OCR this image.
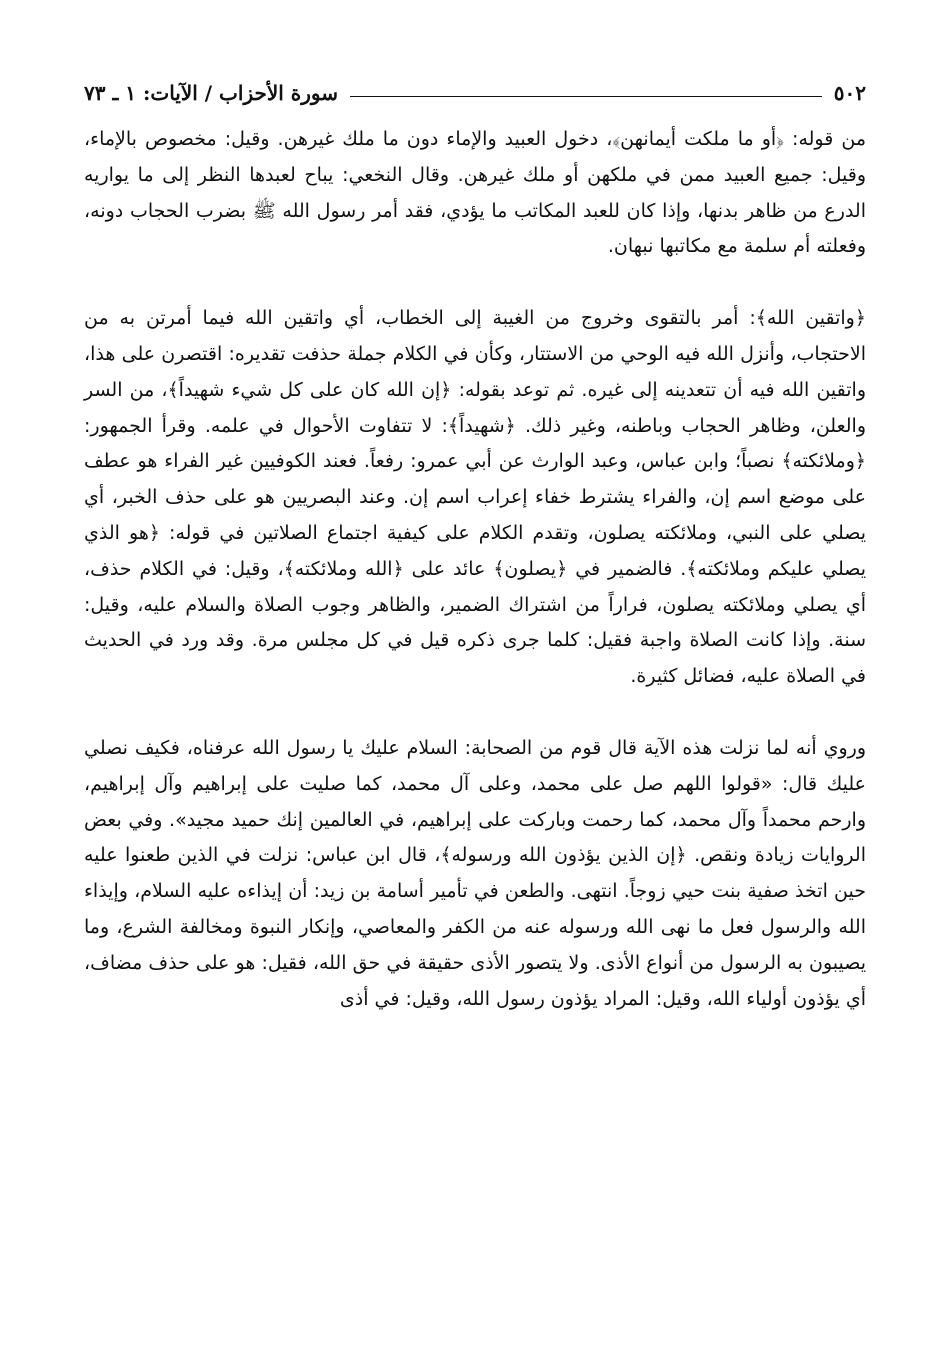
٥٠٢
سورة الأحزاب / الآيات: ١ ـ ٧٣

من قوله: ﴿أو ما ملكت أيمانهن﴾، دخول العبيد والإماء دون ما ملك غيرهن. وقيل: مخصوص بالإماء، وقيل: جميع العبيد ممن في ملكهن أو ملك غيرهن. وقال النخعي: يباح لعبدها النظر إلى ما يواريه الدرع من ظاهر بدنها، وإذا كان للعبد المكاتب ما يؤدي، فقد أمر رسول الله ﷺ بضرب الحجاب دونه، وفعلته أم سلمة مع مكاتبها نبهان.

﴿واتقين الله﴾: أمر بالتقوى وخروج من الغيبة إلى الخطاب، أي واتقين الله فيما أمرتن به من الاحتجاب، وأنزل الله فيه الوحي من الاستتار، وكأن في الكلام جملة حذفت تقديره: اقتصرن على هذا، واتقين الله فيه أن تتعدينه إلى غيره. ثم توعد بقوله: ﴿إن الله كان على كل شيء شهيداً﴾، من السر والعلن، وظاهر الحجاب وباطنه، وغير ذلك. ﴿شهيداً﴾: لا تتفاوت الأحوال في علمه. وقرأ الجمهور: ﴿وملائكته﴾ نصباً؛ وابن عباس، وعبد الوارث عن أبي عمرو: رفعاً. فعند الكوفيين غير الفراء هو عطف على موضع اسم إن، والفراء يشترط خفاء إعراب اسم إن. وعند البصريين هو على حذف الخبر، أي يصلي على النبي، وملائكته يصلون، وتقدم الكلام على كيفية اجتماع الصلاتين في قوله: ﴿هو الذي يصلي عليكم وملائكته﴾. فالضمير في ﴿يصلون﴾ عائد على ﴿الله وملائكته﴾، وقيل: في الكلام حذف، أي يصلي وملائكته يصلون، فراراً من اشتراك الضمير، والظاهر وجوب الصلاة والسلام عليه، وقيل: سنة. وإذا كانت الصلاة واجبة فقيل: كلما جرى ذكره قيل في كل مجلس مرة. وقد ورد في الحديث في الصلاة عليه، فضائل كثيرة.

وروي أنه لما نزلت هذه الآية قال قوم من الصحابة: السلام عليك يا رسول الله عرفناه، فكيف نصلي عليك قال: «قولوا اللهم صل على محمد، وعلى آل محمد، كما صليت على إبراهيم وآل إبراهيم، وارحم محمداً وآل محمد، كما رحمت وباركت على إبراهيم، في العالمين إنك حميد مجيد». وفي بعض الروايات زيادة ونقص. ﴿إن الذين يؤذون الله ورسوله﴾، قال ابن عباس: نزلت في الذين طعنوا عليه حين اتخذ صفية بنت حيي زوجاً. انتهى. والطعن في تأمير أسامة بن زيد: أن إيذاءه عليه السلام، وإيذاء الله والرسول فعل ما نهى الله ورسوله عنه من الكفر والمعاصي، وإنكار النبوة ومخالفة الشرع، وما يصيبون به الرسول من أنواع الأذى. ولا يتصور الأذى حقيقة في حق الله، فقيل: هو على حذف مضاف، أي يؤذون أولياء الله، وقيل: المراد يؤذون رسول الله، وقيل: في أذى
